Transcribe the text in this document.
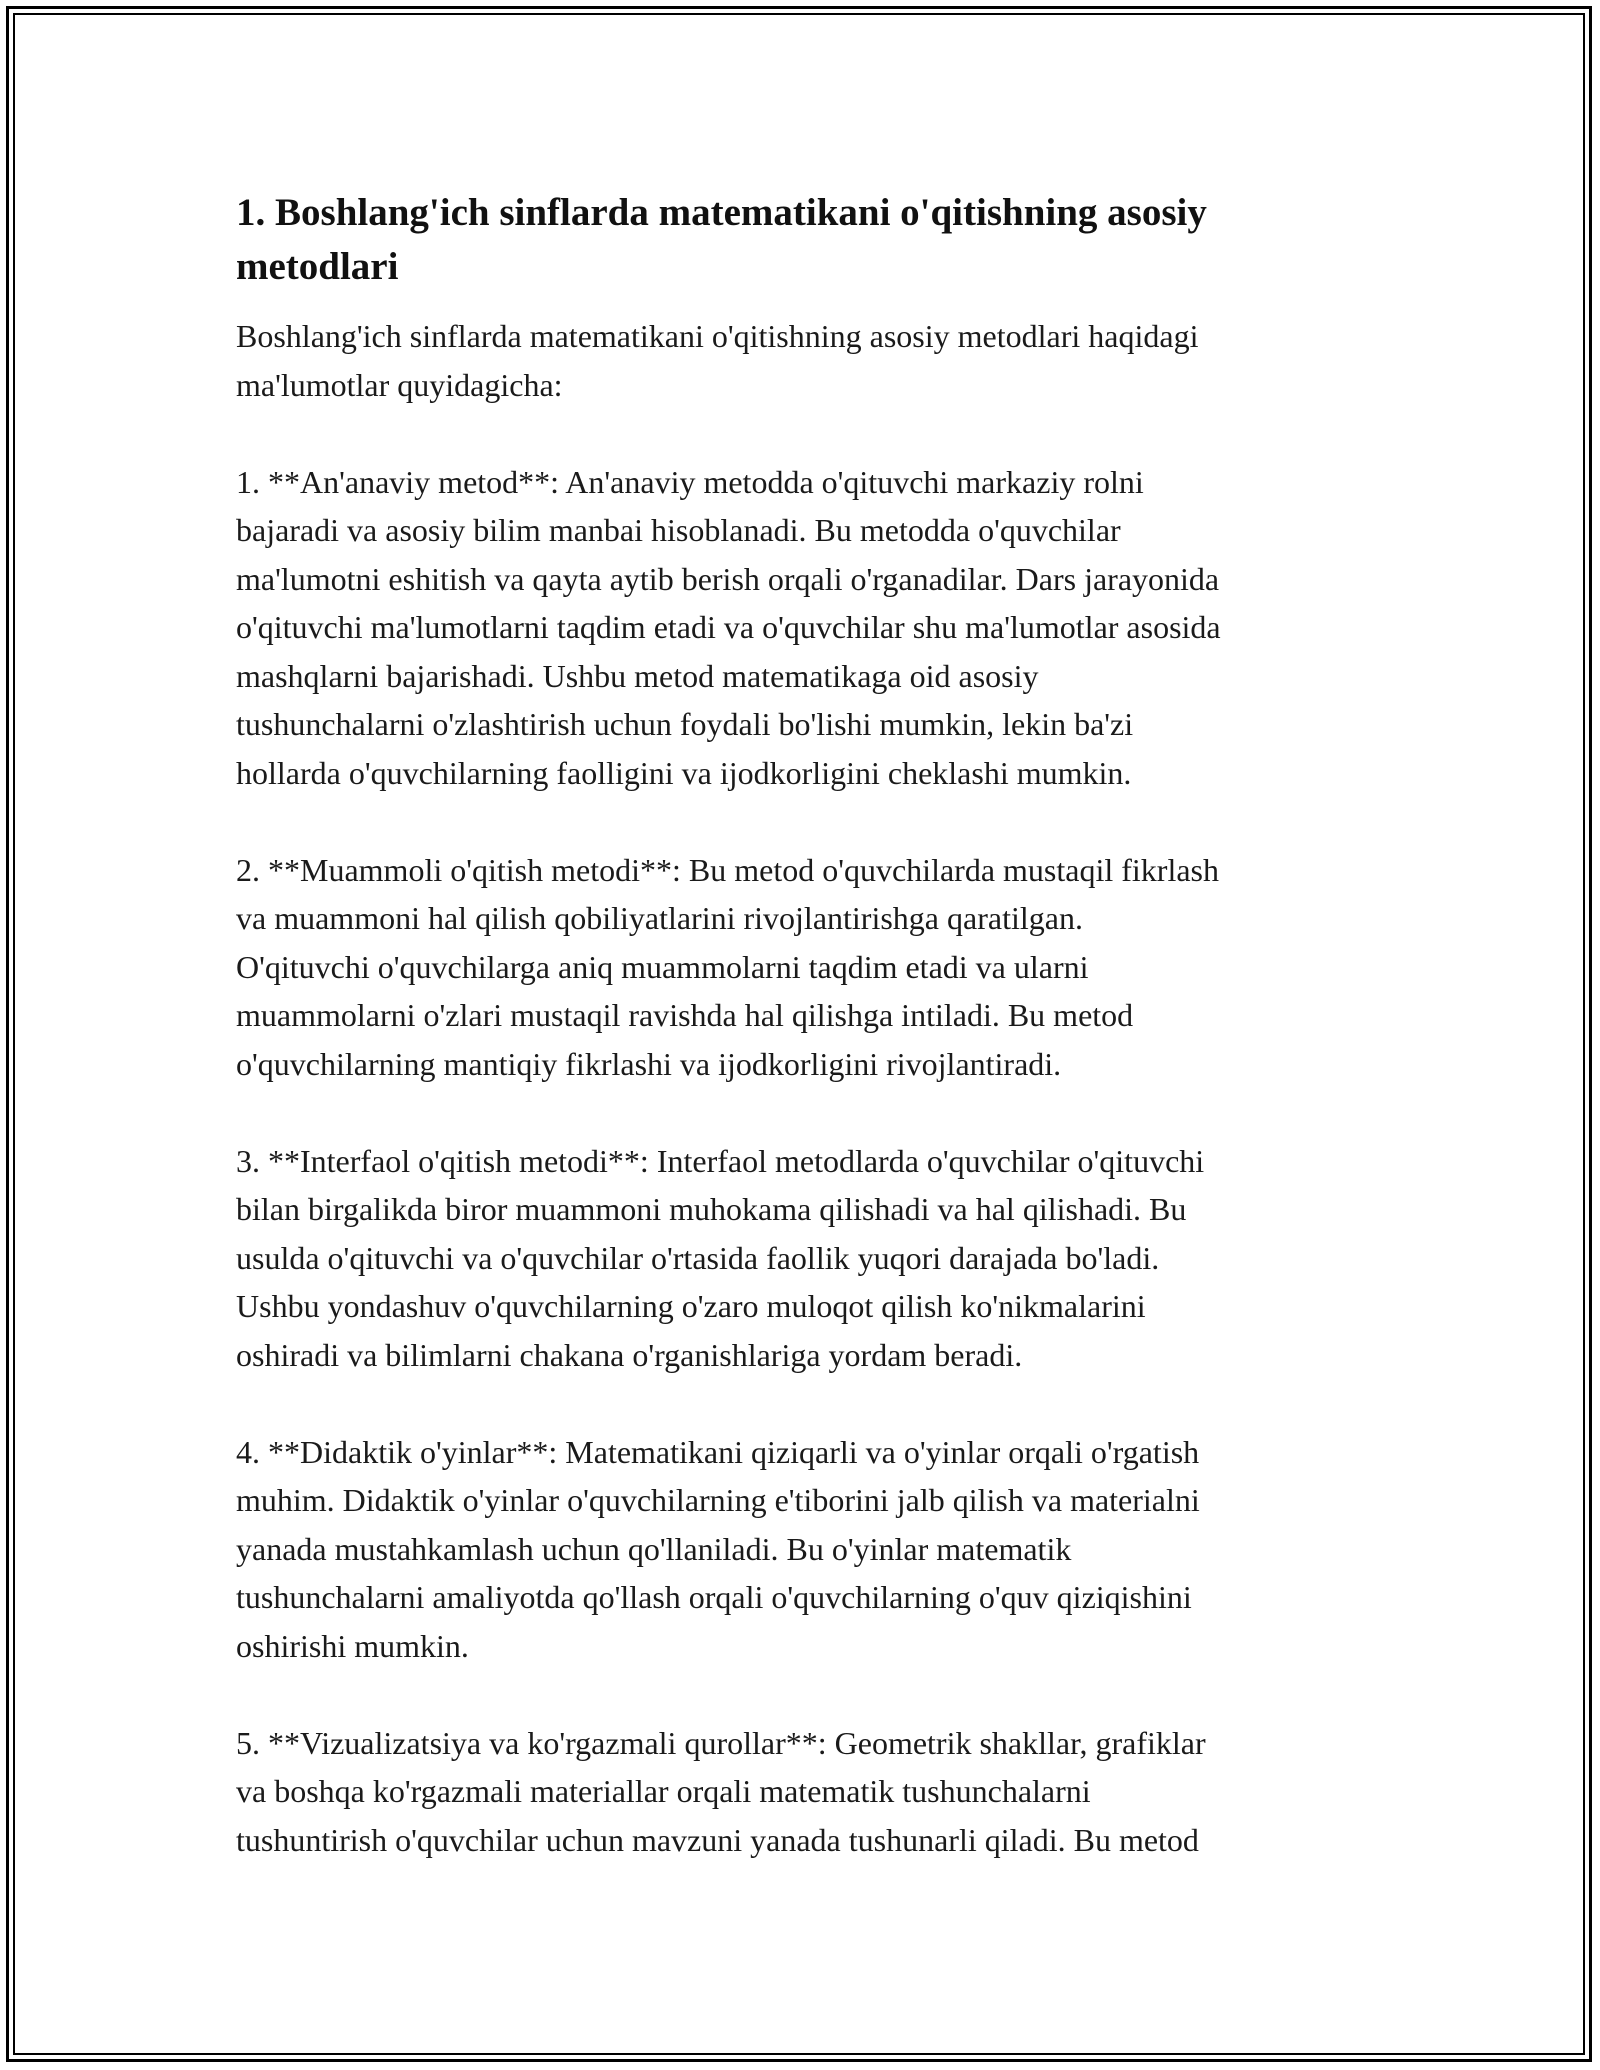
1. Boshlang'ich sinflarda matematikani o'qitishning asosiy
metodlari

Boshlang'ich sinflarda matematikani o'qitishning asosiy metodlari haqidagi
ma'lumotlar quyidagicha:

1. **An'anaviy metod**: An'anaviy metodda o'qituvchi markaziy rolni
bajaradi va asosiy bilim manbai hisoblanadi. Bu metodda o'quvchilar
ma'lumotni eshitish va qayta aytib berish orqali o'rganadilar. Dars jarayonida
o'qituvchi ma'lumotlarni taqdim etadi va o'quvchilar shu ma'lumotlar asosida
mashqlarni bajarishadi. Ushbu metod matematikaga oid asosiy
tushunchalarni o'zlashtirish uchun foydali bo'lishi mumkin, lekin ba'zi
hollarda o'quvchilarning faolligini va ijodkorligini cheklashi mumkin.

2. **Muammoli o'qitish metodi**: Bu metod o'quvchilarda mustaqil fikrlash
va muammoni hal qilish qobiliyatlarini rivojlantirishga qaratilgan.
O'qituvchi o'quvchilarga aniq muammolarni taqdim etadi va ularni
muammolarni o'zlari mustaqil ravishda hal qilishga intiladi. Bu metod
o'quvchilarning mantiqiy fikrlashi va ijodkorligini rivojlantiradi.

3. **Interfaol o'qitish metodi**: Interfaol metodlarda o'quvchilar o'qituvchi
bilan birgalikda biror muammoni muhokama qilishadi va hal qilishadi. Bu
usulda o'qituvchi va o'quvchilar o'rtasida faollik yuqori darajada bo'ladi.
Ushbu yondashuv o'quvchilarning o'zaro muloqot qilish ko'nikmalarini
oshiradi va bilimlarni chakana o'rganishlariga yordam beradi.

4. **Didaktik o'yinlar**: Matematikani qiziqarli va o'yinlar orqali o'rgatish
muhim. Didaktik o'yinlar o'quvchilarning e'tiborini jalb qilish va materialni
yanada mustahkamlash uchun qo'llaniladi. Bu o'yinlar matematik
tushunchalarni amaliyotda qo'llash orqali o'quvchilarning o'quv qiziqishini
oshirishi mumkin.

5. **Vizualizatsiya va ko'rgazmali qurollar**: Geometrik shakllar, grafiklar
va boshqa ko'rgazmali materiallar orqali matematik tushunchalarni
tushuntirish o'quvchilar uchun mavzuni yanada tushunarli qiladi. Bu metod
